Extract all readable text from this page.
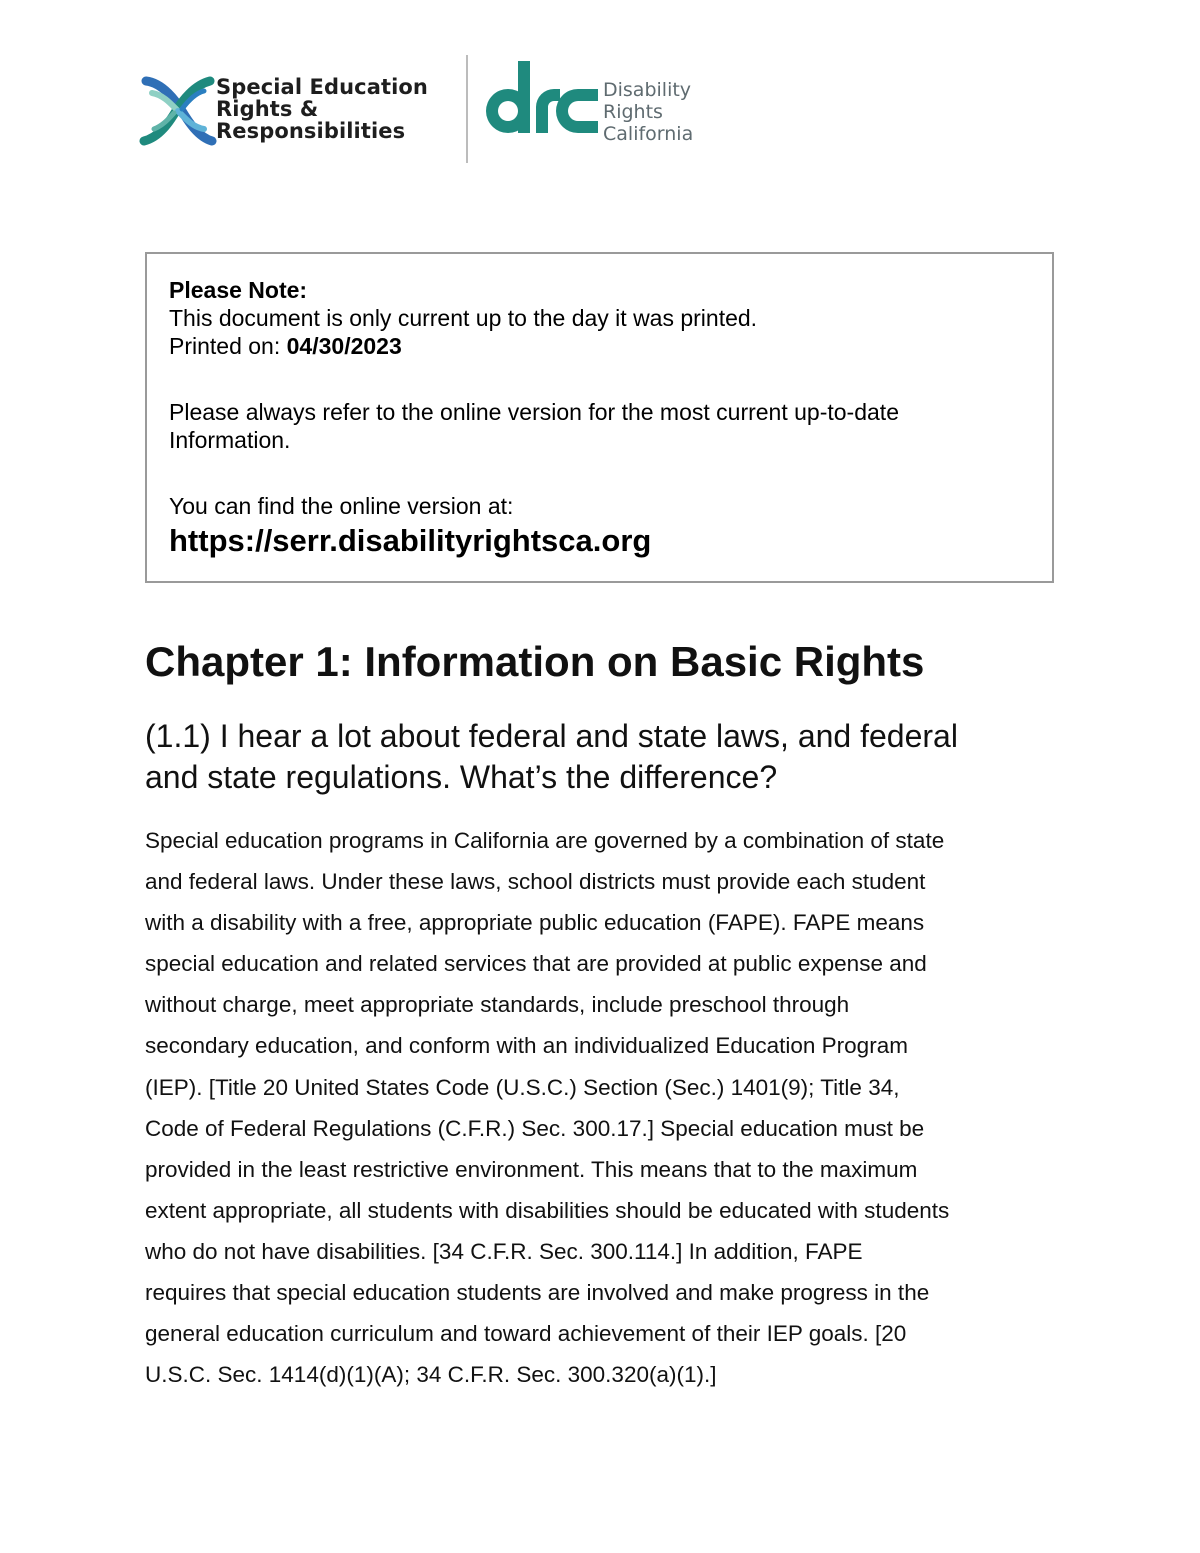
Special Education
Rights &
Responsibilities
Disability
Rights
California
Please Note:
This document is only current up to the day it was printed.
Printed on: 04/30/2023
Please always refer to the online version for the most current up-to-date
Information.
You can find the online version at:
https://serr.disabilityrightsca.org
Chapter 1: Information on Basic Rights
(1.1) I hear a lot about federal and state laws, and federal
and state regulations. What’s the difference?
Special education programs in California are governed by a combination of state
and federal laws. Under these laws, school districts must provide each student
with a disability with a free, appropriate public education (FAPE). FAPE means
special education and related services that are provided at public expense and
without charge, meet appropriate standards, include preschool through
secondary education, and conform with an individualized Education Program
(IEP). [Title 20 United States Code (U.S.C.) Section (Sec.) 1401(9); Title 34,
Code of Federal Regulations (C.F.R.) Sec. 300.17.] Special education must be
provided in the least restrictive environment. This means that to the maximum
extent appropriate, all students with disabilities should be educated with students
who do not have disabilities. [34 C.F.R. Sec. 300.114.] In addition, FAPE
requires that special education students are involved and make progress in the
general education curriculum and toward achievement of their IEP goals. [20
U.S.C. Sec. 1414(d)(1)(A); 34 C.F.R. Sec. 300.320(a)(1).]
